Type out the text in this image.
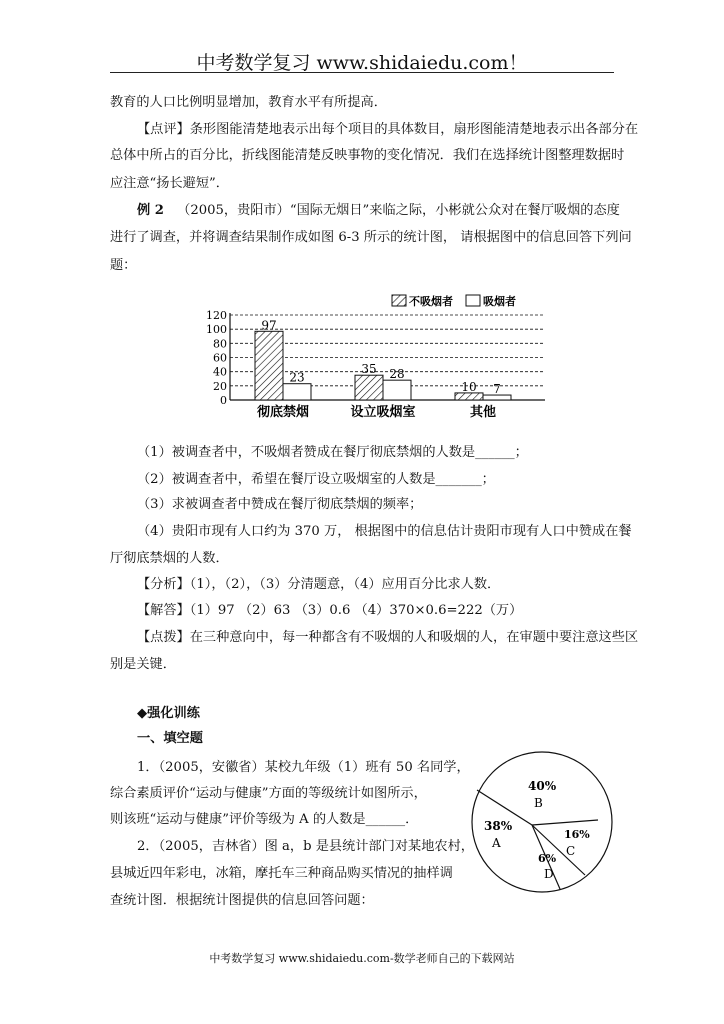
中考数学复习 www.shidaiedu.com！
教育的人口比例明显增加，教育水平有所提高．
【点评】条形图能清楚地表示出每个项目的具体数目，扇形图能清楚地表示出各部分在
总体中所占的百分比，折线图能清楚反映事物的变化情况．我们在选择统计图整理数据时
应注意“扬长避短”．
例 2  （2005，贵阳市）“国际无烟日”来临之际，小彬就公众对在餐厅吸烟的态度
进行了调查，并将调查结果制作成如图 6-3 所示的统计图， 请根据图中的信息回答下列问
题：
120
100
80
60
40
20
0
97
23
35 28
10 7
彻底禁烟	设立吸烟室	其他
不吸烟者	吸烟者
（1）被调查者中，不吸烟者赞成在餐厅彻底禁烟的人数是______；
（2）被调查者中，希望在餐厅设立吸烟室的人数是_______；
（3）求被调查者中赞成在餐厅彻底禁烟的频率；
（4）贵阳市现有人口约为 370 万， 根据图中的信息估计贵阳市现有人口中赞成在餐
厅彻底禁烟的人数．
【分析】（1），（2），（3）分清题意，（4）应用百分比求人数．
【解答】（1）97 （2）63 （3）0.6 （4）370×0.6=222（万）
【点拨】在三种意向中，每一种都含有不吸烟的人和吸烟的人，在审题中要注意这些区
别是关键．
◆强化训练
一、填空题
1．（2005，安徽省）某校九年级（1）班有 50 名同学，
综合素质评价“运动与健康”方面的等级统计如图所示，
则该班“运动与健康”评价等级为 A 的人数是______．
2．（2005，吉林省）图 a，b 是县统计部门对某地农村，
县城近四年彩电，冰箱，摩托车三种商品购买情况的抽样调
查统计图．根据统计图提供的信息回答问题：
40%
B
38%
A
16%
C
6%
D
中考数学复习 www.shidaiedu.com-数学老师自己的下载网站
